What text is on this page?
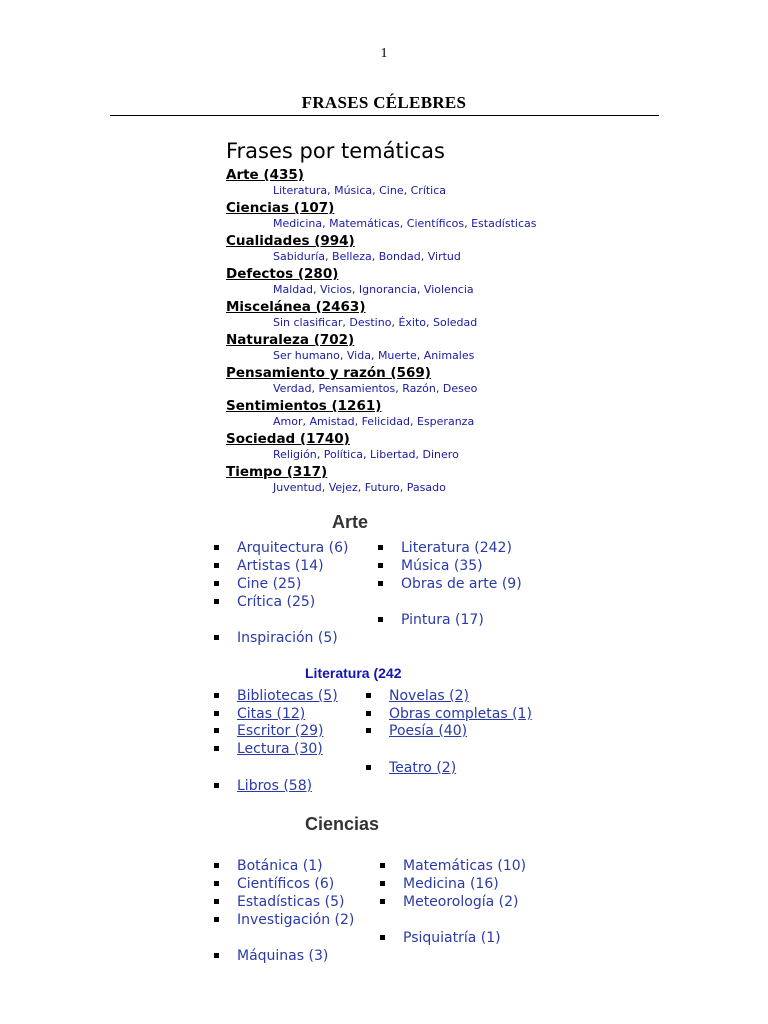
1
FRASES CÉLEBRES
Frases por temáticas
Arte (435)
Literatura, Música, Cine, Crítica
Ciencias (107)
Medicina, Matemáticas, Científicos, Estadísticas
Cualidades (994)
Sabiduría, Belleza, Bondad, Virtud
Defectos (280)
Maldad, Vicios, Ignorancia, Violencia
Miscelánea (2463)
Sin clasificar, Destino, Éxito, Soledad
Naturaleza (702)
Ser humano, Vida, Muerte, Animales
Pensamiento y razón (569)
Verdad, Pensamientos, Razón, Deseo
Sentimientos (1261)
Amor, Amistad, Felicidad, Esperanza
Sociedad (1740)
Religión, Política, Libertad, Dinero
Tiempo (317)
Juventud, Vejez, Futuro, Pasado
Arte
Arquitectura (6)
Artistas (14)
Cine (25)
Crítica (25)
Inspiración (5)
Literatura (242)
Música (35)
Obras de arte (9)
Pintura (17)
Literatura (242
Bibliotecas (5)
Citas (12)
Escritor (29)
Lectura (30)
Libros (58)
Novelas (2)
Obras completas (1)
Poesía (40)
Teatro (2)
Ciencias
Botánica (1)
Científicos (6)
Estadísticas (5)
Investigación (2)
Máquinas (3)
Matemáticas (10)
Medicina (16)
Meteorología (2)
Psiquiatría (1)
